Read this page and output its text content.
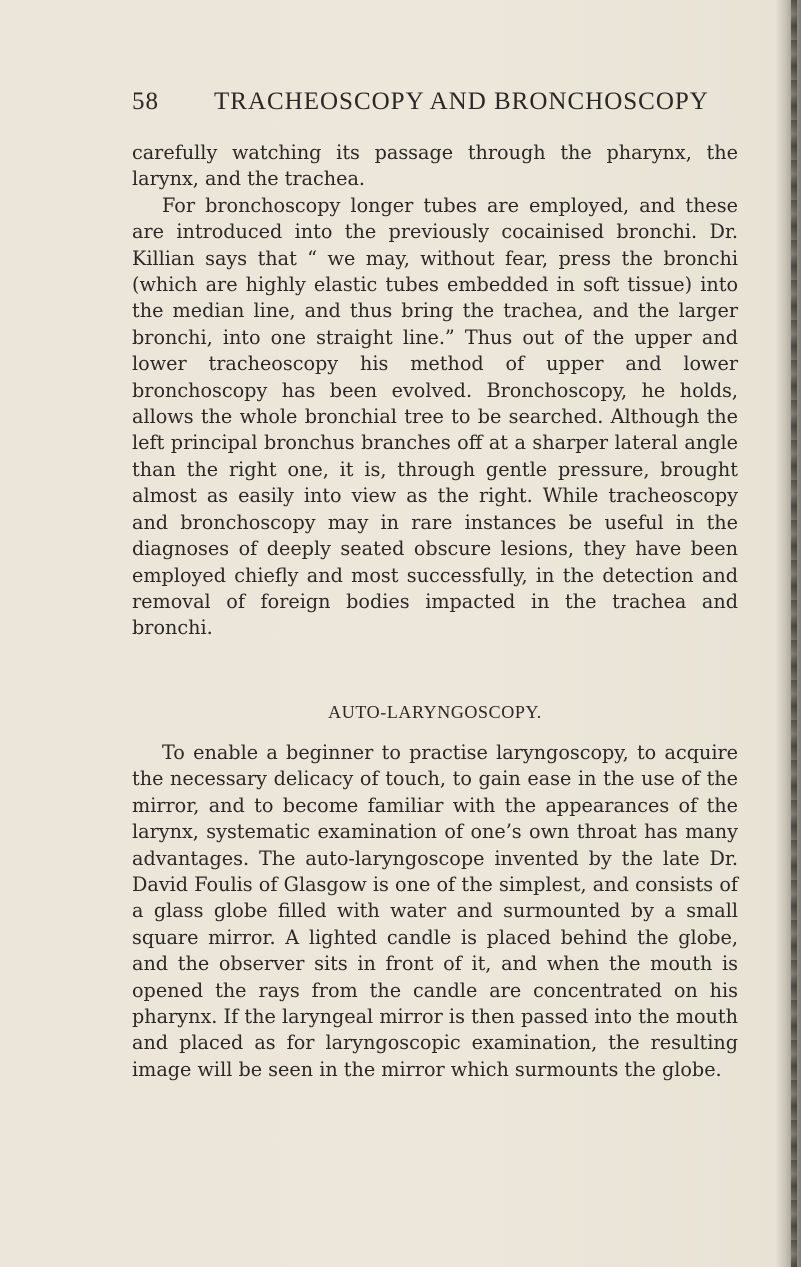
58 TRACHEOSCOPY AND BRONCHOSCOPY

carefully watching its passage through the pharynx, the larynx, and the trachea.

For bronchoscopy longer tubes are employed, and these are introduced into the previously cocainised bronchi. Dr. Killian says that “ we may, without fear, press the bronchi (which are highly elastic tubes embedded in soft tissue) into the median line, and thus bring the trachea, and the larger bronchi, into one straight line.” Thus out of the upper and lower tracheoscopy his method of upper and lower bronchoscopy has been evolved. Bronchoscopy, he holds, allows the whole bronchial tree to be searched. Although the left principal bronchus branches off at a sharper lateral angle than the right one, it is, through gentle pressure, brought almost as easily into view as the right. While tracheoscopy and bronchoscopy may in rare instances be useful in the diagnoses of deeply seated obscure lesions, they have been employed chiefly and most successfully, in the detection and removal of foreign bodies impacted in the trachea and bronchi.

AUTO-LARYNGOSCOPY.

To enable a beginner to practise laryngoscopy, to acquire the necessary delicacy of touch, to gain ease in the use of the mirror, and to become familiar with the appearances of the larynx, systematic examination of one’s own throat has many advantages. The auto-laryngoscope invented by the late Dr. David Foulis of Glasgow is one of the simplest, and consists of a glass globe filled with water and surmounted by a small square mirror. A lighted candle is placed behind the globe, and the observer sits in front of it, and when the mouth is opened the rays from the candle are concentrated on his pharynx. If the laryngeal mirror is then passed into the mouth and placed as for laryngoscopic examination, the resulting image will be seen in the mirror which surmounts the globe.
